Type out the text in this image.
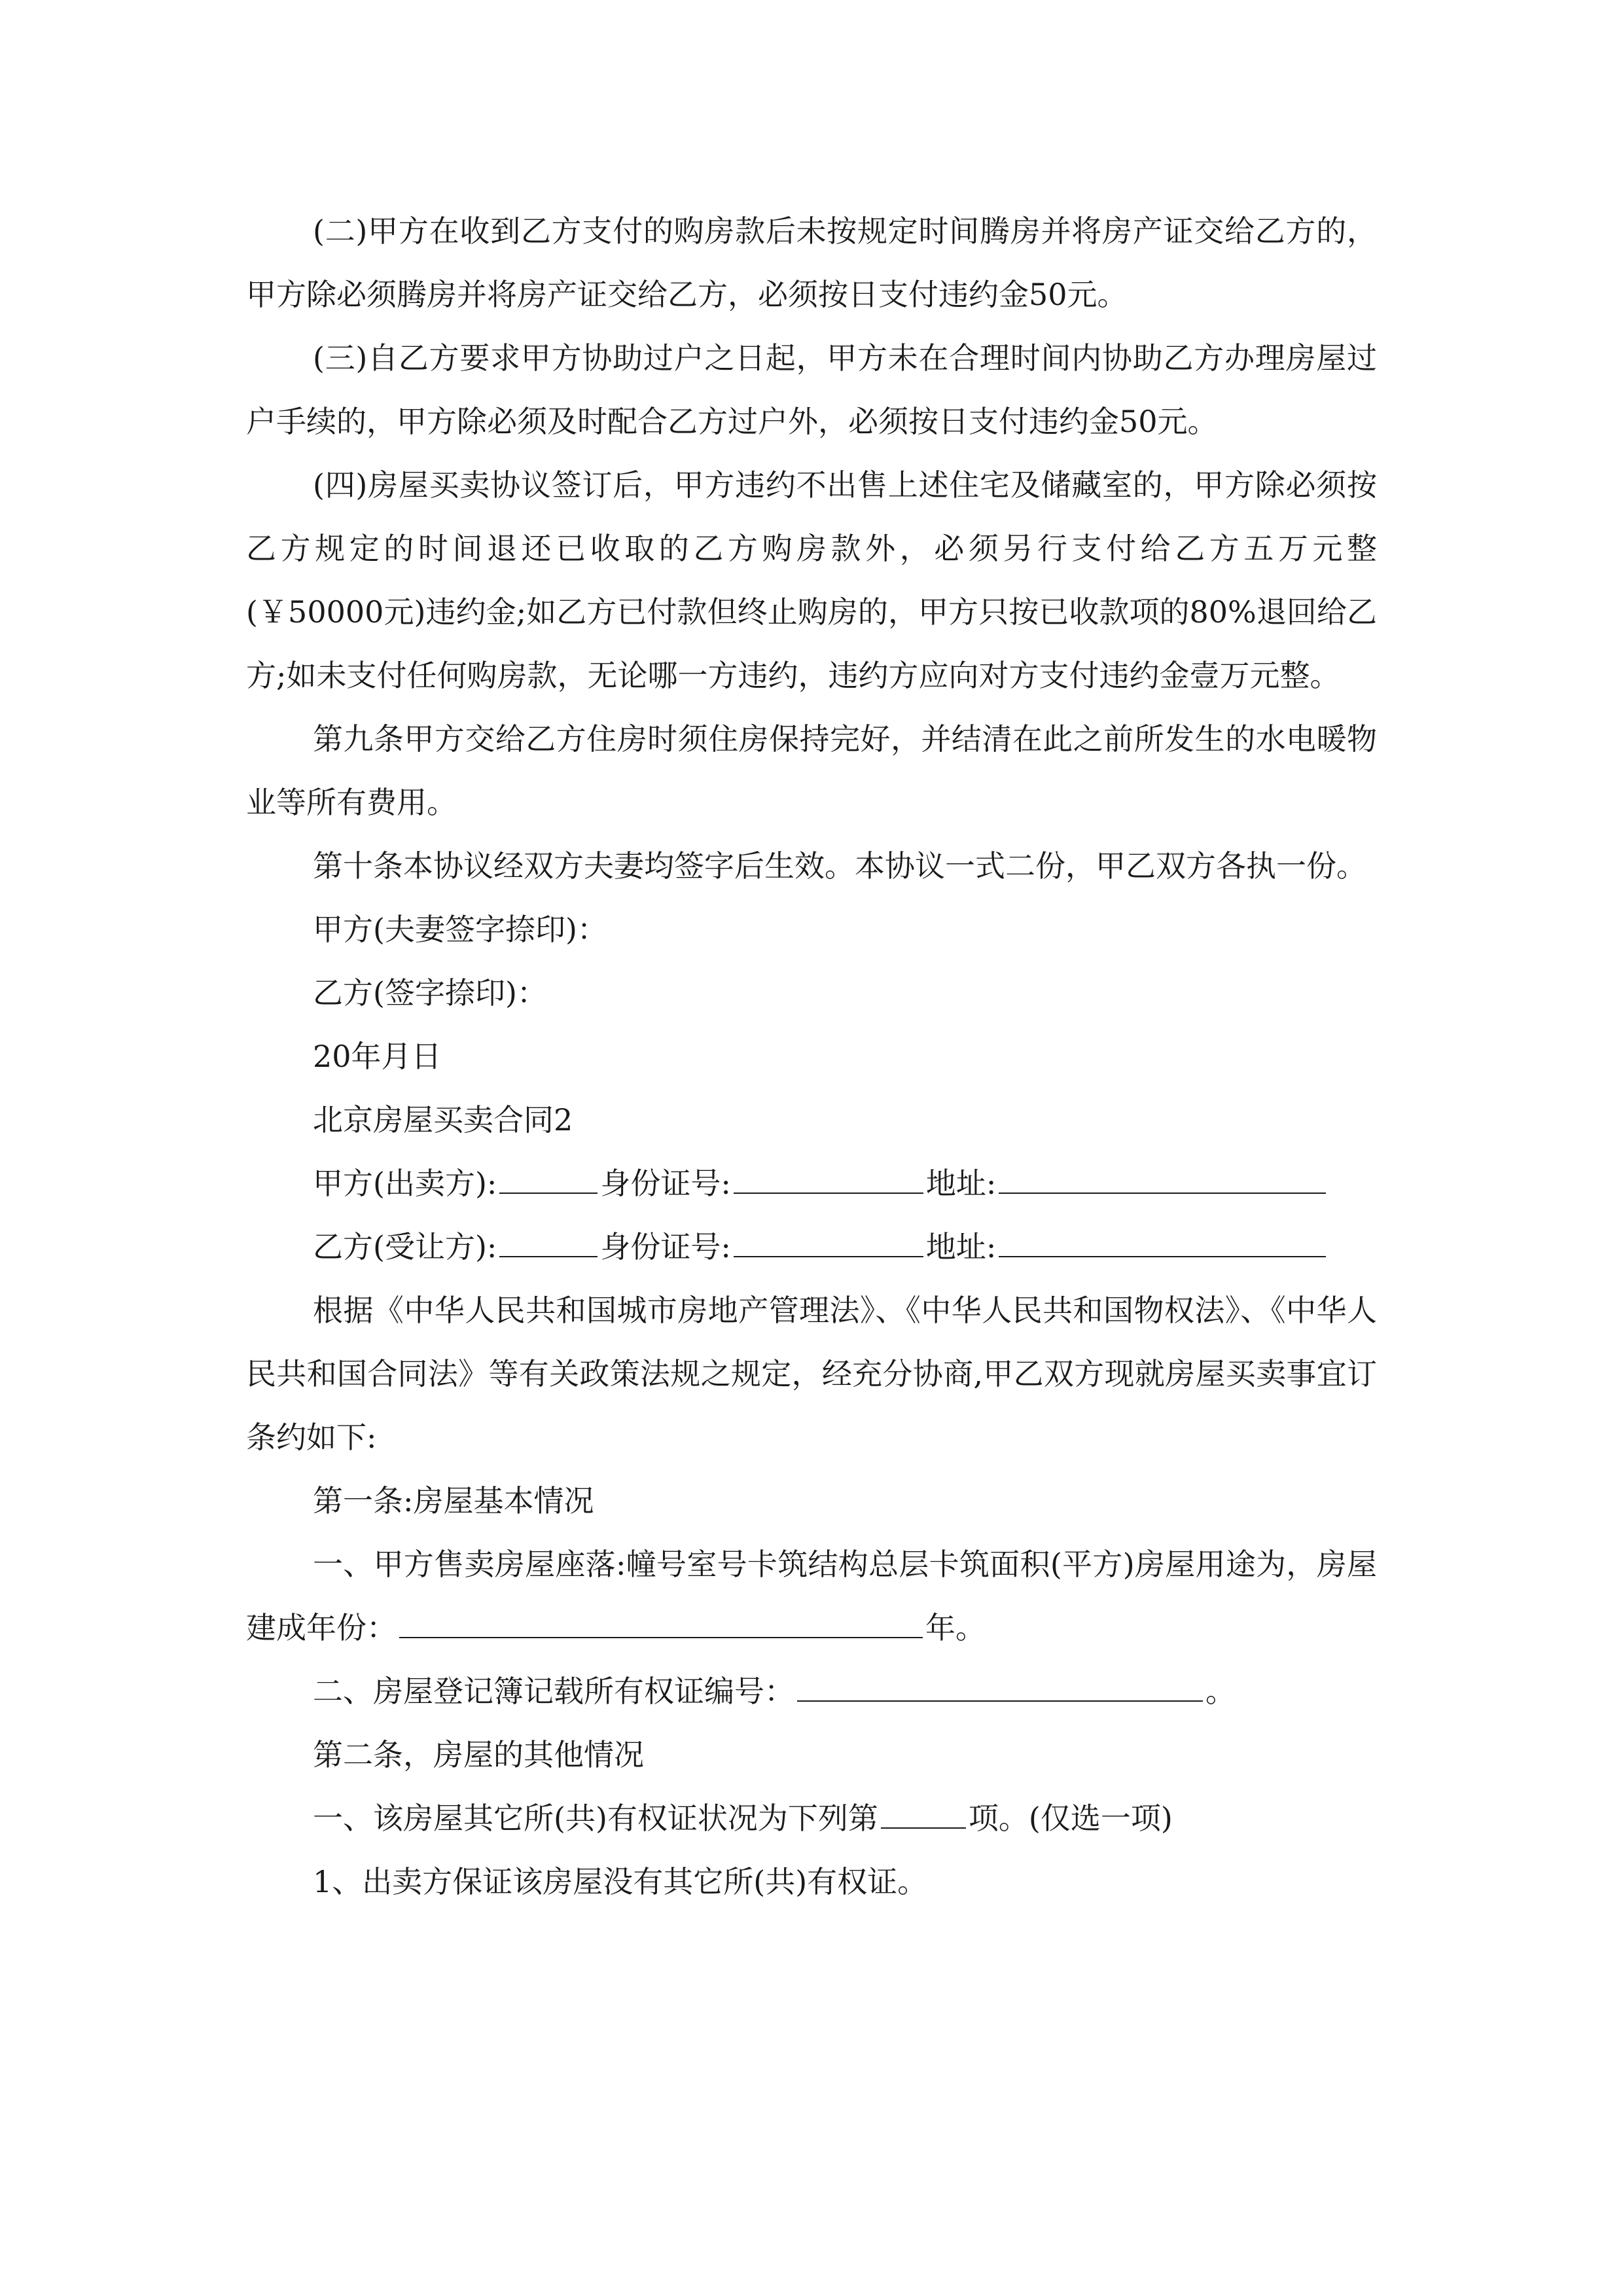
(二)甲方在收到乙方支付的购房款后未按规定时间腾房并将房产证交给乙方的，甲方除必须腾房并将房产证交给乙方，必须按日支付违约金50元。

(三)自乙方要求甲方协助过户之日起，甲方未在合理时间内协助乙方办理房屋过户手续的，甲方除必须及时配合乙方过户外，必须按日支付违约金50元。

(四)房屋买卖协议签订后，甲方违约不出售上述住宅及储藏室的，甲方除必须按乙方规定的时间退还已收取的乙方购房款外，必须另行支付给乙方五万元整(￥50000元)违约金;如乙方已付款但终止购房的，甲方只按已收款项的80%退回给乙方;如未支付任何购房款，无论哪一方违约，违约方应向对方支付违约金壹万元整。

第九条甲方交给乙方住房时须住房保持完好，并结清在此之前所发生的水电暖物业等所有费用。

第十条本协议经双方夫妻均签字后生效。本协议一式二份，甲乙双方各执一份。

甲方(夫妻签字捺印)：

乙方(签字捺印)：

20年月日

北京房屋买卖合同2

甲方(出卖方):	身份证号:	地址:

乙方(受让方):	身份证号:	地址:

根据《中华人民共和国城市房地产管理法》、《中华人民共和国物权法》、《中华人民共和国合同法》等有关政策法规之规定，经充分协商,甲乙双方现就房屋买卖事宜订条约如下:

第一条:房屋基本情况

一、甲方售卖房屋座落:幢号室号卡筑结构总层卡筑面积(平方)房屋用途为，房屋建成年份：	年。

二、房屋登记簿记载所有权证编号：	。

第二条，房屋的其他情况

一、该房屋其它所(共)有权证状况为下列第	项。(仅选一项)

1、出卖方保证该房屋没有其它所(共)有权证。
